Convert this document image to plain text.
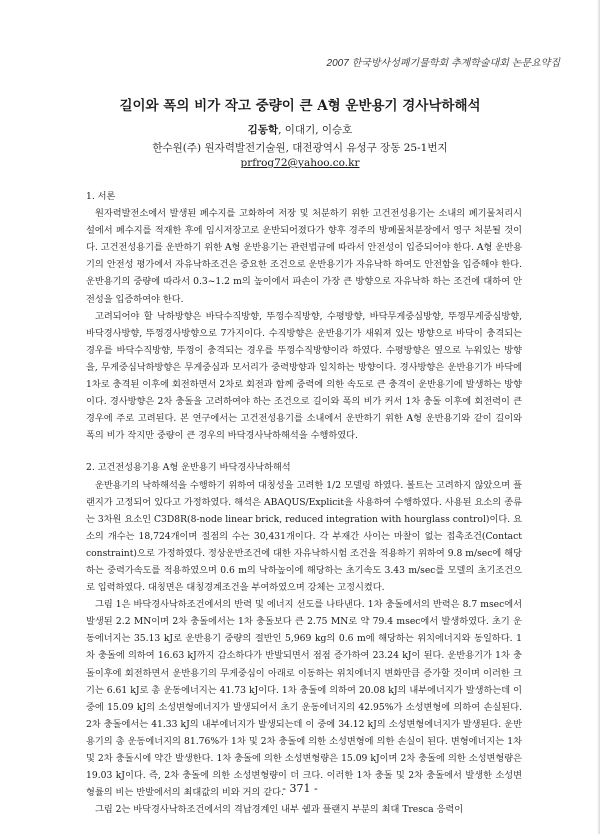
2007 한국방사성폐기물학회 추계학술대회 논문요약집
길이와 폭의 비가 작고 중량이 큰 A형 운반용기 경사낙하해석
김동학, 이대기, 이승호
한수원(주) 원자력발전기술원, 대전광역시 유성구 장동 25-1번지
prfrog72@yahoo.co.kr

1. 서론

원자력발전소에서 발생된 폐수지를 고화하여 저장 및 처분하기 위한 고건전성용기는 소내의 폐기물처리시설에서 폐수지를 적재한 후에 임시저장고로 운반되어졌다가 향후 경주의 방폐물처분장에서 영구 처분될 것이다. 고건전성용기를 운반하기 위한 A형 운반용기는 관련법규에 따라서 안전성이 입증되어야 한다. A형 운반용기의 안전성 평가에서 자유낙하조건은 중요한 조건으로 운반용기가 자유낙하 하여도 안전함을 입증해야 한다. 운반용기의 중량에 따라서 0.3~1.2 m의 높이에서 파손이 가장 큰 방향으로 자유낙하 하는 조건에 대하여 안전성을 입증하여야 한다.

고려되어야 할 낙하방향은 바닥수직방향, 뚜껑수직방향, 수평방향, 바닥무게중심방향, 뚜껑무게중심방향, 바닥경사방향, 뚜껑경사방향으로 7가지이다. 수직방향은 운반용기가 새워져 있는 방향으로 바닥이 충격되는 경우를 바닥수직방향, 뚜껑이 충격되는 경우를 뚜껑수직방향이라 하였다. 수평방향은 옆으로 누워있는 방향을, 무게중심낙하방향은 무게중심과 모서리가 중력방향과 일치하는 방향이다. 경사방향은 운반용기가 바닥에 1차로 충격된 이후에 회전하면서 2차로 회전과 함께 중력에 의한 속도로 큰 충격이 운반용기에 발생하는 방향이다. 경사방향은 2차 충돌을 고려하여야 하는 조건으로 길이와 폭의 비가 커서 1차 충돌 이후에 회전력이 큰 경우에 주로 고려된다. 본 연구에서는 고건전성용기를 소내에서 운반하기 위한 A형 운반용기와 같이 길이와 폭의 비가 작지만 중량이 큰 경우의 바닥경사낙하해석을 수행하였다.

2. 고건전성용기용 A형 운반용기 바닥경사낙하해석

운반용기의 낙하해석을 수행하기 위하여 대칭성을 고려한 1/2 모델링 하였다. 볼트는 고려하지 않았으며 플랜지가 고정되어 있다고 가정하였다. 해석은 ABAQUS/Explicit을 사용하여 수행하였다. 사용된 요소의 종류는 3차원 요소인 C3D8R(8-node linear brick, reduced integration with hourglass control)이다. 요소의 개수는 18,724개이며 절점의 수는 30,431개이다. 각 부재간 사이는 마찰이 없는 접촉조건(Contact constraint)으로 가정하였다. 정상운반조건에 대한 자유낙하시험 조건을 적용하기 위하여 9.8 m/sec에 해당하는 중력가속도를 적용하였으며 0.6 m의 낙하높이에 해당하는 초기속도 3.43 m/sec를 모델의 초기조건으로 입력하였다. 대칭면은 대칭경계조건을 부여하였으며 강체는 고정시켰다.

그림 1은 바닥경사낙하조건에서의 반력 및 에너지 선도를 나타낸다. 1차 충돌에서의 반력은 8.7 msec에서 발생된 2.2 MN이며 2차 충돌에서는 1차 충돌보다 큰 2.75 MN로 약 79.4 msec에서 발생하였다. 초기 운동에너지는 35.13 kJ로 운반용기 중량의 절반인 5,969 kg의 0.6 m에 해당하는 위치에너지와 동일하다. 1차 충돌에 의하여 16.63 kJ까지 감소하다가 반발되면서 점점 증가하여 23.24 kJ이 된다. 운반용기가 1차 충돌이후에 회전하면서 운반용기의 무게중심이 아래로 이동하는 위치에너지 변화만큼 증가할 것이며 이러한 크기는 6.61 kJ로 총 운동에너지는 41.73 kJ이다. 1차 충돌에 의하여 20.08 kJ의 내부에너지가 발생하는데 이 중에 15.09 kJ의 소성변형에너지가 발생되어서 초기 운동에너지의 42.95%가 소성변형에 의하여 손실된다. 2차 충돌에서는 41.33 kJ의 내부에너지가 발생되는데 이 중에 34.12 kJ의 소성변형에너지가 발생된다. 운반용기의 총 운동에너지의 81.76%가 1차 및 2차 충돌에 의한 소성변형에 의한 손실이 된다. 변형에너지는 1차 및 2차 충돌시에 약간 발생한다. 1차 충돌에 의한 소성변형량은 15.09 kJ이며 2차 충돌에 의한 소성변형량은 19.03 kJ이다. 즉, 2차 충돌에 의한 소성변형량이 더 크다. 이러한 1차 충돌 및 2차 충돌에서 발생한 소성변형률의 비는 반발에서의 최대값의 비와 거의 같다.

그림 2는 바닥경사낙하조건에서의 격납경계인 내부 쉘과 플랜지 부분의 최대 Tresca 응력이

- 371 -
